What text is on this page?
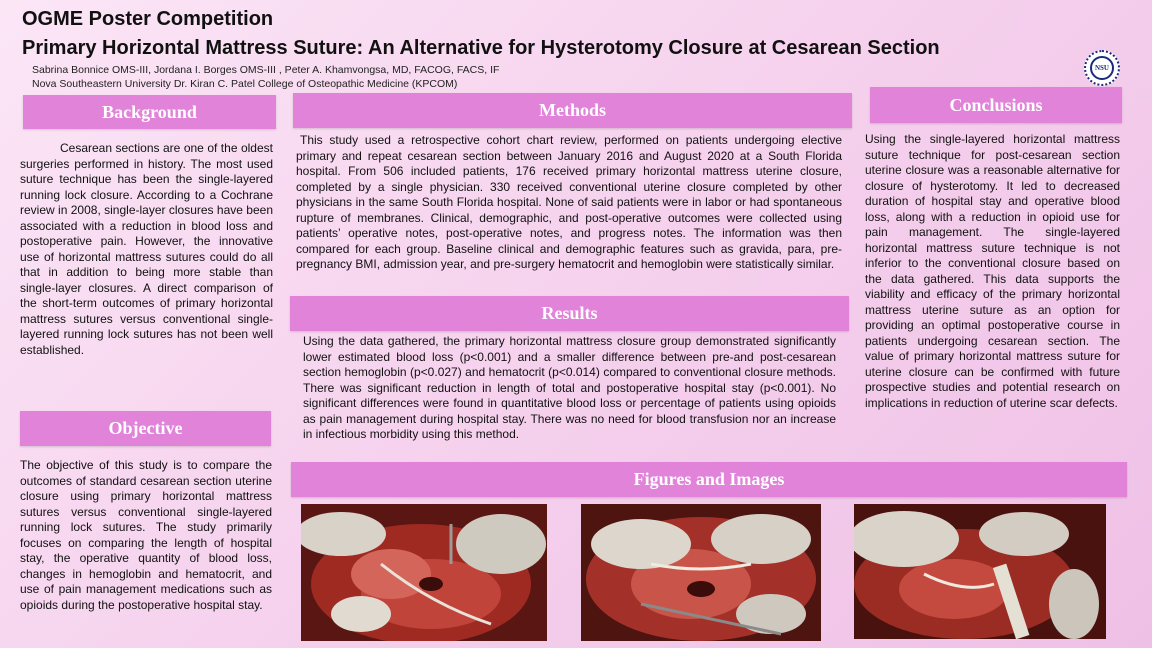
OGME Poster Competition
Primary Horizontal Mattress Suture: An Alternative for Hysterotomy Closure at Cesarean Section
Sabrina Bonnice OMS-III, Jordana I. Borges OMS-III , Peter A. Khamvongsa, MD, FACOG, FACS, IF
Nova Southeastern University Dr. Kiran C. Patel College of Osteopathic Medicine (KPCOM)
NSU
Background
Cesarean sections are one of the oldest surgeries performed in history. The most used suture technique has been the single-layered running lock closure. According to a Cochrane review in 2008, single-layer closures have been associated with a reduction in blood loss and postoperative pain. However, the innovative use of horizontal mattress sutures could do all that in addition to being more stable than single-layer closures. A direct comparison of the short-term outcomes of primary horizontal mattress sutures versus conventional single-layered running lock sutures has not been well established.
Objective
The objective of this study is to compare the outcomes of standard cesarean section uterine closure using primary horizontal mattress sutures versus conventional single-layered running lock sutures. The study primarily focuses on comparing the length of hospital stay, the operative quantity of blood loss, changes in hemoglobin and hematocrit, and use of pain management medications such as opioids during the postoperative hospital stay.
Methods
This study used a retrospective cohort chart review, performed on patients undergoing elective primary and repeat cesarean section between January 2016 and August 2020 at a South Florida hospital. From 506 included patients, 176 received primary horizontal mattress uterine closure, completed by a single physician. 330 received conventional uterine closure completed by other physicians in the same South Florida hospital. None of said patients were in labor or had spontaneous rupture of membranes. Clinical, demographic, and post-operative outcomes were collected using patients’ operative notes, post-operative notes, and progress notes. The information was then compared for each group. Baseline clinical and demographic features such as gravida, para, pre-pregnancy BMI, admission year, and pre-surgery hematocrit and hemoglobin were statistically similar.
Results
Using the data gathered, the primary horizontal mattress closure group demonstrated significantly lower estimated blood loss (p<0.001) and a smaller difference between pre-and post-cesarean section hemoglobin (p<0.027) and hematocrit (p<0.014) compared to conventional closure methods. There was significant reduction in length of total and postoperative hospital stay (p<0.001). No significant differences were found in quantitative blood loss or percentage of patients using opioids as pain management during hospital stay. There was no need for blood transfusion nor an increase in infectious morbidity using this method.
Conclusions
Using the single-layered horizontal mattress suture technique for post-cesarean section uterine closure was a reasonable alternative for closure of hysterotomy. It led to decreased duration of hospital stay and operative blood loss, along with a reduction in opioid use for pain management. The single-layered horizontal mattress suture technique is not inferior to the conventional closure based on the data gathered. This data supports the viability and efficacy of the primary horizontal mattress uterine suture as an option for providing an optimal postoperative course in patients undergoing cesarean section. The value of primary horizontal mattress suture for uterine closure can be confirmed with future prospective studies and potential research on implications in reduction of uterine scar defects.
Figures and Images
